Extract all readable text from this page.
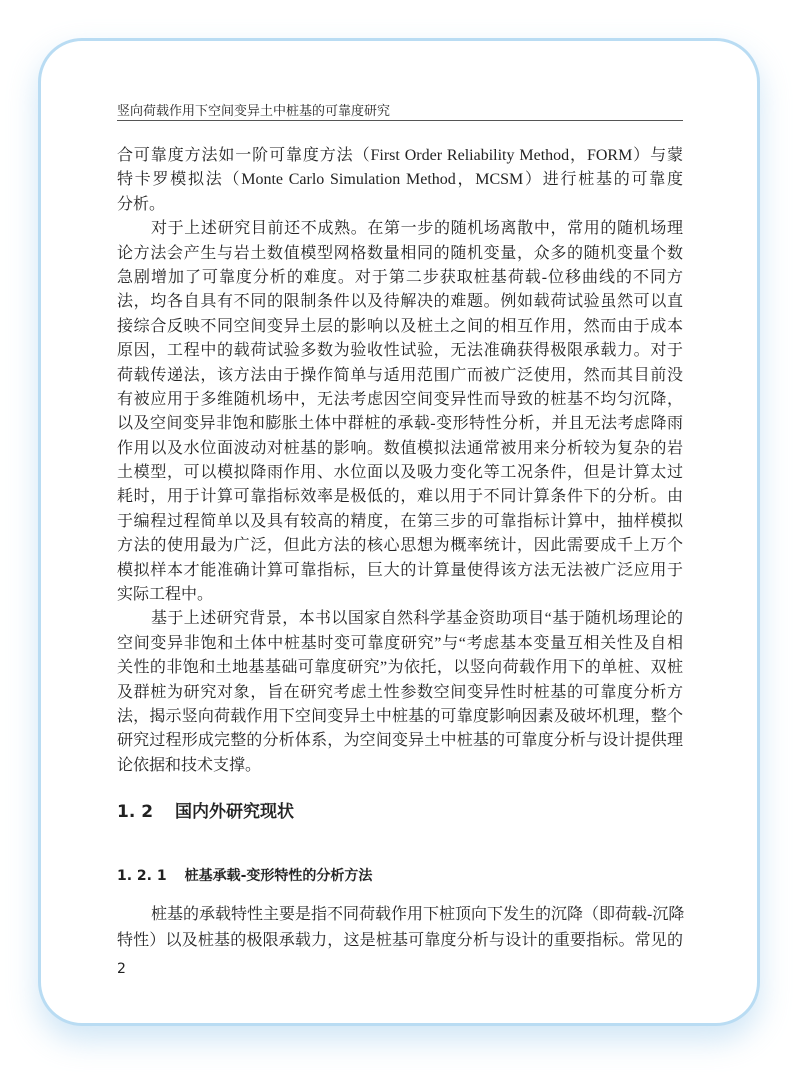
竖向荷载作用下空间变异土中桩基的可靠度研究
合可靠度方法如一阶可靠度方法（First Order Reliability Method，FORM）与蒙
特卡罗模拟法（Monte Carlo Simulation Method，MCSM）进行桩基的可靠度
分析。
对于上述研究目前还不成熟。在第一步的随机场离散中，常用的随机场理
论方法会产生与岩土数值模型网格数量相同的随机变量，众多的随机变量个数
急剧增加了可靠度分析的难度。对于第二步获取桩基荷载-位移曲线的不同方
法，均各自具有不同的限制条件以及待解决的难题。例如载荷试验虽然可以直
接综合反映不同空间变异土层的影响以及桩土之间的相互作用，然而由于成本
原因，工程中的载荷试验多数为验收性试验，无法准确获得极限承载力。对于
荷载传递法，该方法由于操作简单与适用范围广而被广泛使用，然而其目前没
有被应用于多维随机场中，无法考虑因空间变异性而导致的桩基不均匀沉降，
以及空间变异非饱和膨胀土体中群桩的承载-变形特性分析，并且无法考虑降雨
作用以及水位面波动对桩基的影响。数值模拟法通常被用来分析较为复杂的岩
土模型，可以模拟降雨作用、水位面以及吸力变化等工况条件，但是计算太过
耗时，用于计算可靠指标效率是极低的，难以用于不同计算条件下的分析。由
于编程过程简单以及具有较高的精度，在第三步的可靠指标计算中，抽样模拟
方法的使用最为广泛，但此方法的核心思想为概率统计，因此需要成千上万个
模拟样本才能准确计算可靠指标，巨大的计算量使得该方法无法被广泛应用于
实际工程中。
基于上述研究背景，本书以国家自然科学基金资助项目“基于随机场理论的
空间变异非饱和土体中桩基时变可靠度研究”与“考虑基本变量互相关性及自相
关性的非饱和土地基基础可靠度研究”为依托，以竖向荷载作用下的单桩、双桩
及群桩为研究对象，旨在研究考虑土性参数空间变异性时桩基的可靠度分析方
法，揭示竖向荷载作用下空间变异土中桩基的可靠度影响因素及破坏机理，整个
研究过程形成完整的分析体系，为空间变异土中桩基的可靠度分析与设计提供理
论依据和技术支撑。
1. 2 国内外研究现状
1. 2. 1 桩基承载-变形特性的分析方法
桩基的承载特性主要是指不同荷载作用下桩顶向下发生的沉降（即荷载-沉降
特性）以及桩基的极限承载力，这是桩基可靠度分析与设计的重要指标。常见的
2
